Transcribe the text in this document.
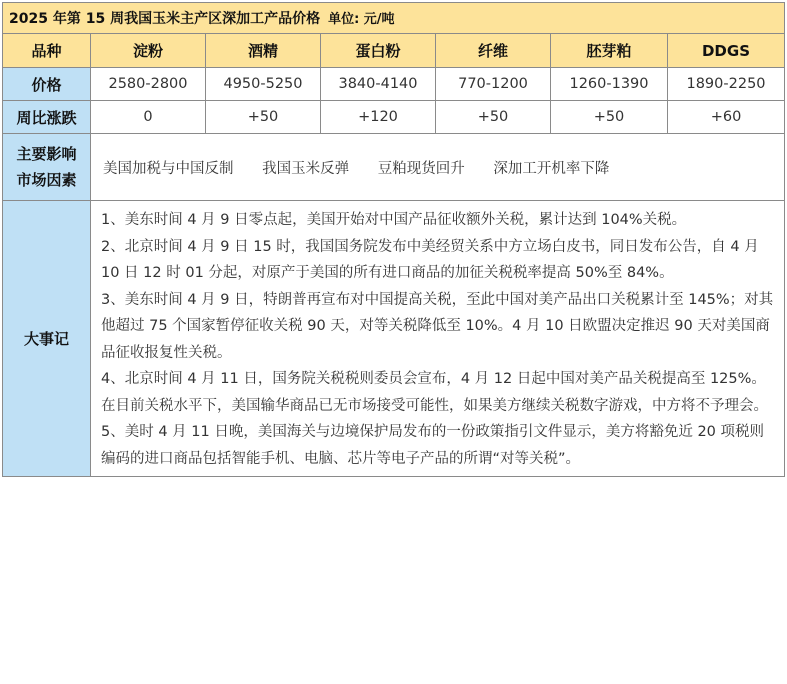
2025 年第 15 周我国玉米主产区深加工产品价格 单位: 元/吨						
品种	淀粉	酒精	蛋白粉	纤维	胚芽粕	DDGS
价格	2580-2800	4950-5250	3840-4140	770-1200	1260-1390	1890-2250
周比涨跌	0	+50	+120	+50	+50	+60

主要影响
市场因素	美国加税与中国反制 我国玉米反弹 豆粕现货回升 深加工开机率下降					
大事记	1、美东时间 4 月 9 日零点起，美国开始对中国产品征收额外关税，累计达到 104%关税。

2、北京时间 4 月 9 日 15 时，我国国务院发布中美经贸关系中方立场白皮书，同日发布公告，自 4 月 10 日 12 时 01 分起，对原产于美国的所有进口商品的加征关税税率提高 50%至 84%。

3、美东时间 4 月 9 日，特朗普再宣布对中国提高关税，至此中国对美产品出口关税累计至 145%；对其他超过 75 个国家暂停征收关税 90 天，对等关税降低至 10%。4 月 10 日欧盟决定推迟 90 天对美国商品征收报复性关税。

4、北京时间 4 月 11 日，国务院关税税则委员会宣布，4 月 12 日起中国对美产品关税提高至 125%。在目前关税水平下，美国输华商品已无市场接受可能性，如果美方继续关税数字游戏，中方将不予理会。

5、美时 4 月 11 日晚，美国海关与边境保护局发布的一份政策指引文件显示，美方将豁免近 20 项税则编码的进口商品包括智能手机、电脑、芯片等电子产品的所谓“对等关税”。					
